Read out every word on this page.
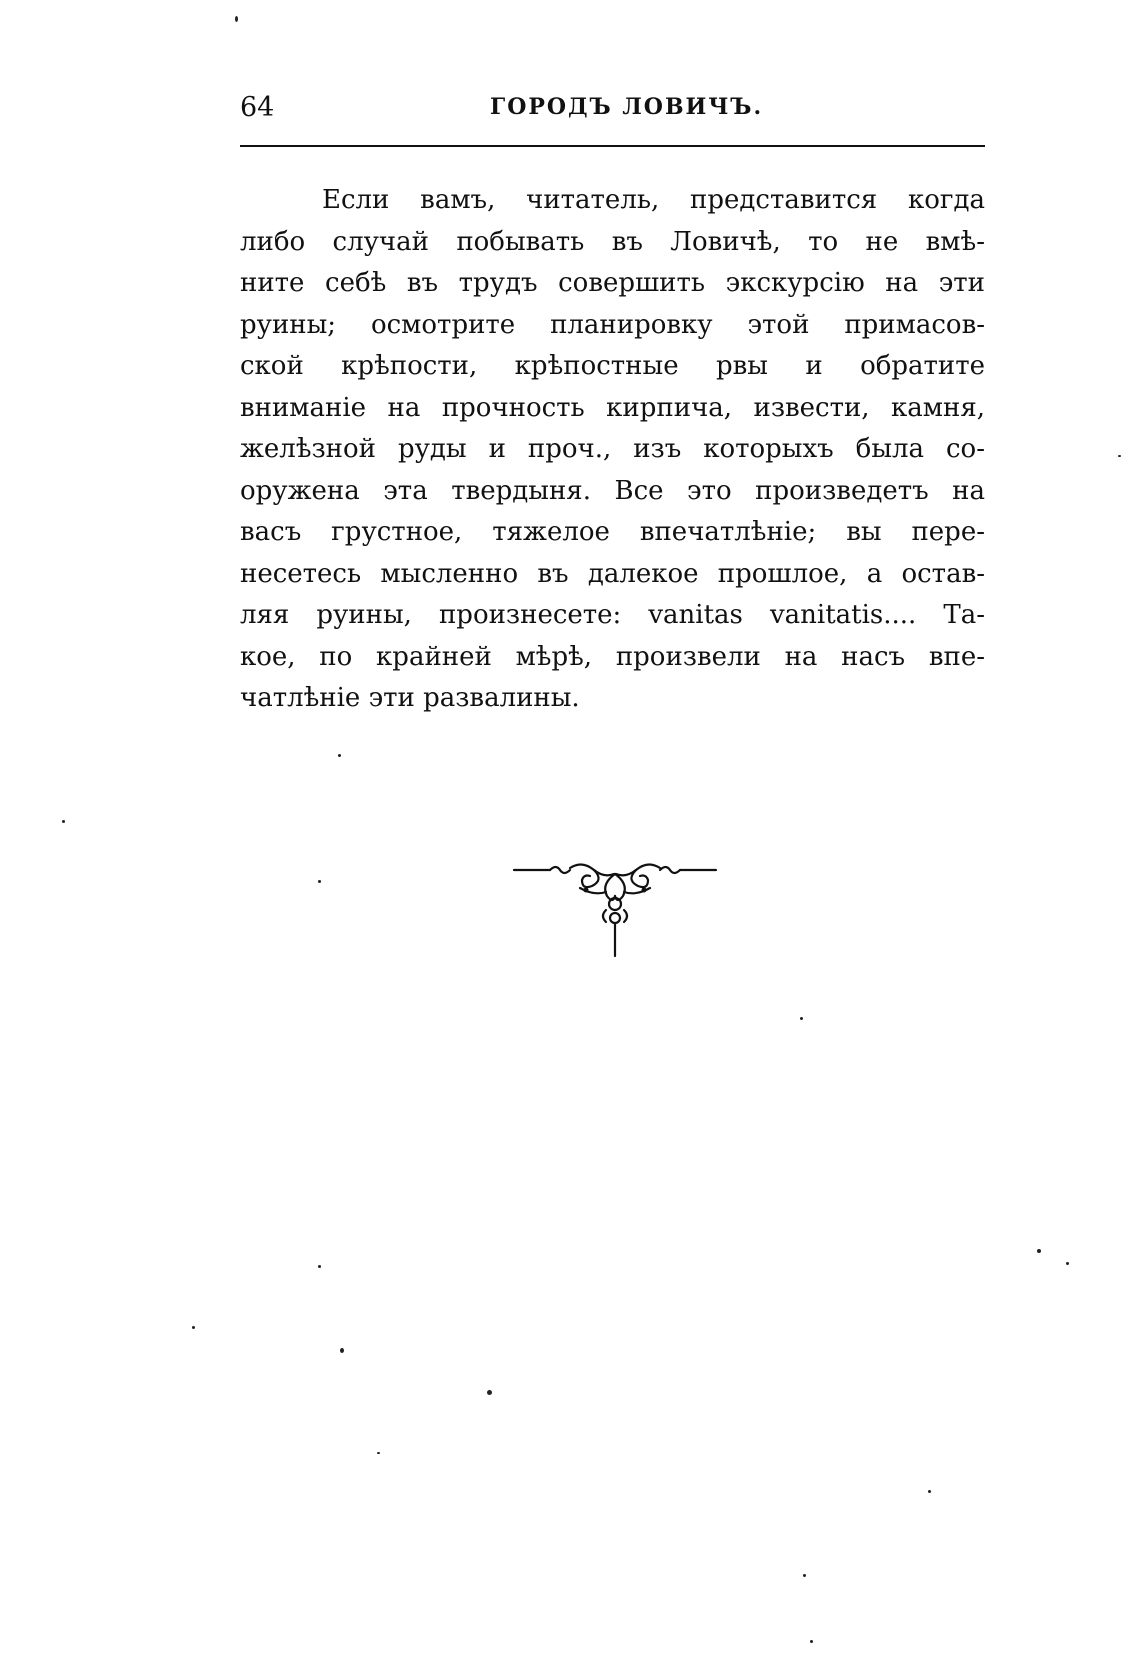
64	ГОРОДЪ ЛОВИЧЪ.
Если вамъ, читатель, представится когда
либо случай побывать въ Ловичѣ, то не вмѣ-
ните себѣ въ трудъ совершить экскурсію на эти
руины; осмотрите планировку этой примасов-
ской крѣпости, крѣпостные рвы и обратите
вниманіе на прочность кирпича, извести, камня,
желѣзной руды и проч., изъ которыхъ была со-
оружена эта твердыня. Все это произведетъ на
васъ грустное, тяжелое впечатлѣніе; вы пере-
несетесь мысленно въ далекое прошлое, а остав-
ляя руины, произнесете: vanitas vanitatis.... Та-
кое, по крайней мѣрѣ, произвели на насъ впе-
чатлѣніе эти развалины.
